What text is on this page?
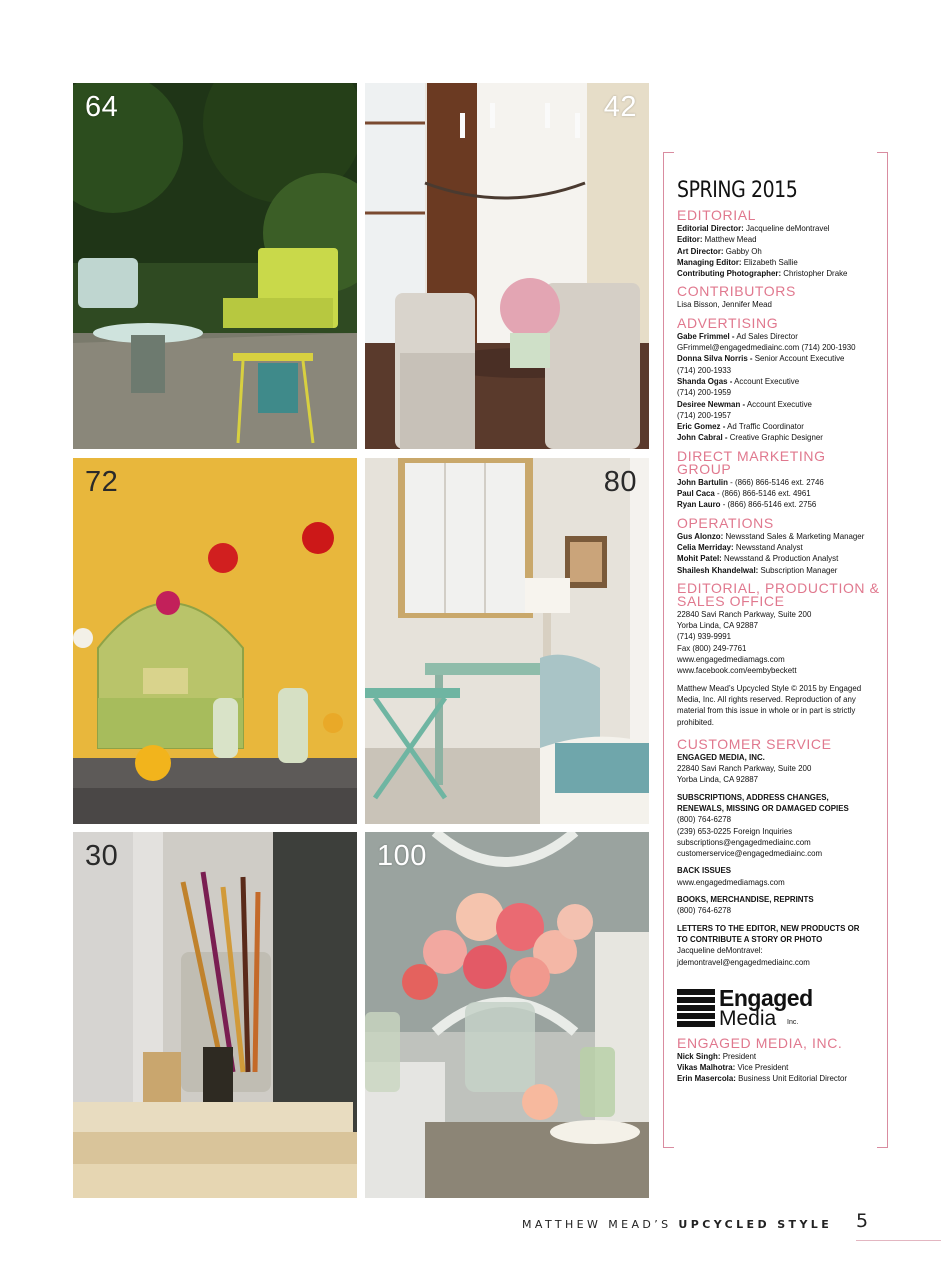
64	42
72	80
30	100
SPRING 2015
EDITORIAL
Editorial Director: Jacqueline deMontravel
Editor: Matthew Mead
Art Director: Gabby Oh
Managing Editor: Elizabeth Sallie
Contributing Photographer: Christopher Drake
CONTRIBUTORS
Lisa Bisson, Jennifer Mead
ADVERTISING
Gabe Frimmel - Ad Sales Director
GFrimmel@engagedmediainc.com (714) 200-1930
Donna Silva Norris - Senior Account Executive
(714) 200-1933
Shanda Ogas - Account Executive
(714) 200-1959
Desiree Newman - Account Executive
(714) 200-1957
Eric Gomez - Ad Traffic Coordinator
John Cabral - Creative Graphic Designer
DIRECT MARKETING GROUP
John Bartulin - (866) 866-5146 ext. 2746
Paul Caca - (866) 866-5146 ext. 4961
Ryan Lauro - (866) 866-5146 ext. 2756
OPERATIONS
Gus Alonzo: Newsstand Sales & Marketing Manager
Celia Merriday: Newsstand Analyst
Mohit Patel: Newsstand & Production Analyst
Shailesh Khandelwal: Subscription Manager
EDITORIAL, PRODUCTION & SALES OFFICE
22840 Savi Ranch Parkway, Suite 200
Yorba Linda, CA 92887
(714) 939-9991
Fax (800) 249-7761
www.engagedmediamags.com
www.facebook.com/eembybeckett
Matthew Mead’s Upcycled Style © 2015 by Engaged Media, Inc. All rights reserved. Reproduction of any material from this issue in whole or in part is strictly prohibited.
CUSTOMER SERVICE
ENGAGED MEDIA, INC.
22840 Savi Ranch Parkway, Suite 200
Yorba Linda, CA 92887
SUBSCRIPTIONS, ADDRESS CHANGES,
RENEWALS, MISSING OR DAMAGED COPIES
(800) 764-6278
(239) 653-0225 Foreign Inquiries
subscriptions@engagedmediainc.com
customerservice@engagedmediainc.com
BACK ISSUES
www.engagedmediamags.com
BOOKS, MERCHANDISE, REPRINTS
(800) 764-6278
LETTERS TO THE EDITOR, NEW PRODUCTS OR
TO CONTRIBUTE A STORY OR PHOTO
Jacqueline deMontravel:
jdemontravel@engagedmediainc.com
Engaged
Media Inc.
ENGAGED MEDIA, INC.
Nick Singh: President
Vikas Malhotra: Vice President
Erin Masercola: Business Unit Editorial Director
MATTHEW MEAD’S UPCYCLED STYLE 5
